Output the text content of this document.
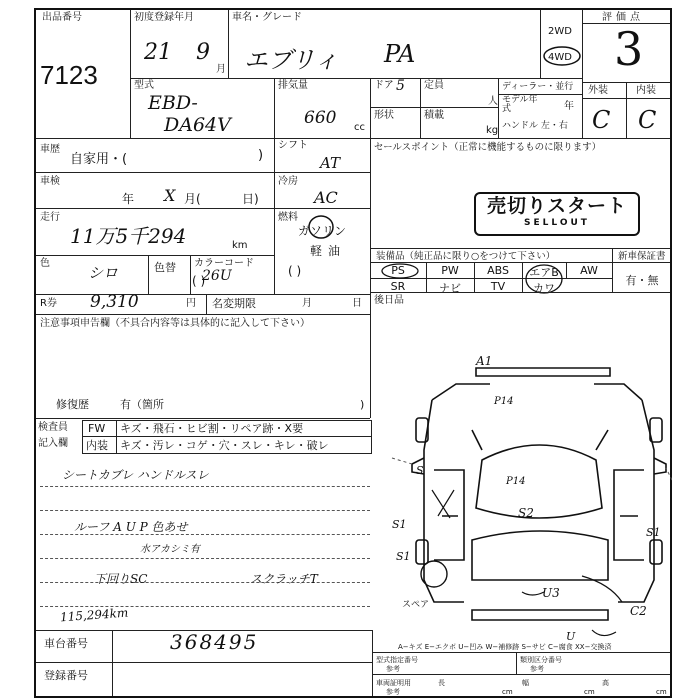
出品番号
7123
初度登録年月
21 9
月
車名・グレード
エブリィ PA
2WD
4WD
評価点
3
型式
EBD-
DA64V
排気量
660 cc
ドア 5 定員
人
形状	積載
kg
ディーラー・並行
モデル年式	年
ハンドル 左・右
外装	内装
C C
車歴
自家用・(	)
シフト
AT
セールスポイント（正常に機能するものに限ります）
車検
年 X 月(	日)
冷房
AC
走行
11万5千294	km
燃料
ガソリン
軽油
( )
色
シロ	色替 カラーコード
26U
( )
売切りスタート
SELLOUT
装備品（純正品に限り○をつけて下さい）	新車保証書
PS	PW	ABS	エアB	AW
SR	ナビ	TV	カワ
有・無
後日品
R券 9,310	円 名変期限	月	日
注意事項申告欄（不具合内容等は具体的に記入して下さい）
修復歴	有（箇所	)
検査員
記入欄
FW キズ・飛石・ヒビ割・リペア跡・X要
内装 キズ・汚レ・コゲ・穴・スレ・キレ・破レ
シートカブレ ハンドルスレ
ルーフ A U P 色あせ
水アカシミ有
下回りSC	スクラッチT
115,294km
A1
P14
P14
S2
S
S1
S1
S1
U3
C2
U
スペア
A−キズ E−エクボ U−凹み W−補修跡 S−サビ C−腐食 XX−交換済
車台番号	368495
登録番号
型式指定番号
参考
類別区分番号
参考
車両証明用
参考
長
cm
幅
cm
高
cm
